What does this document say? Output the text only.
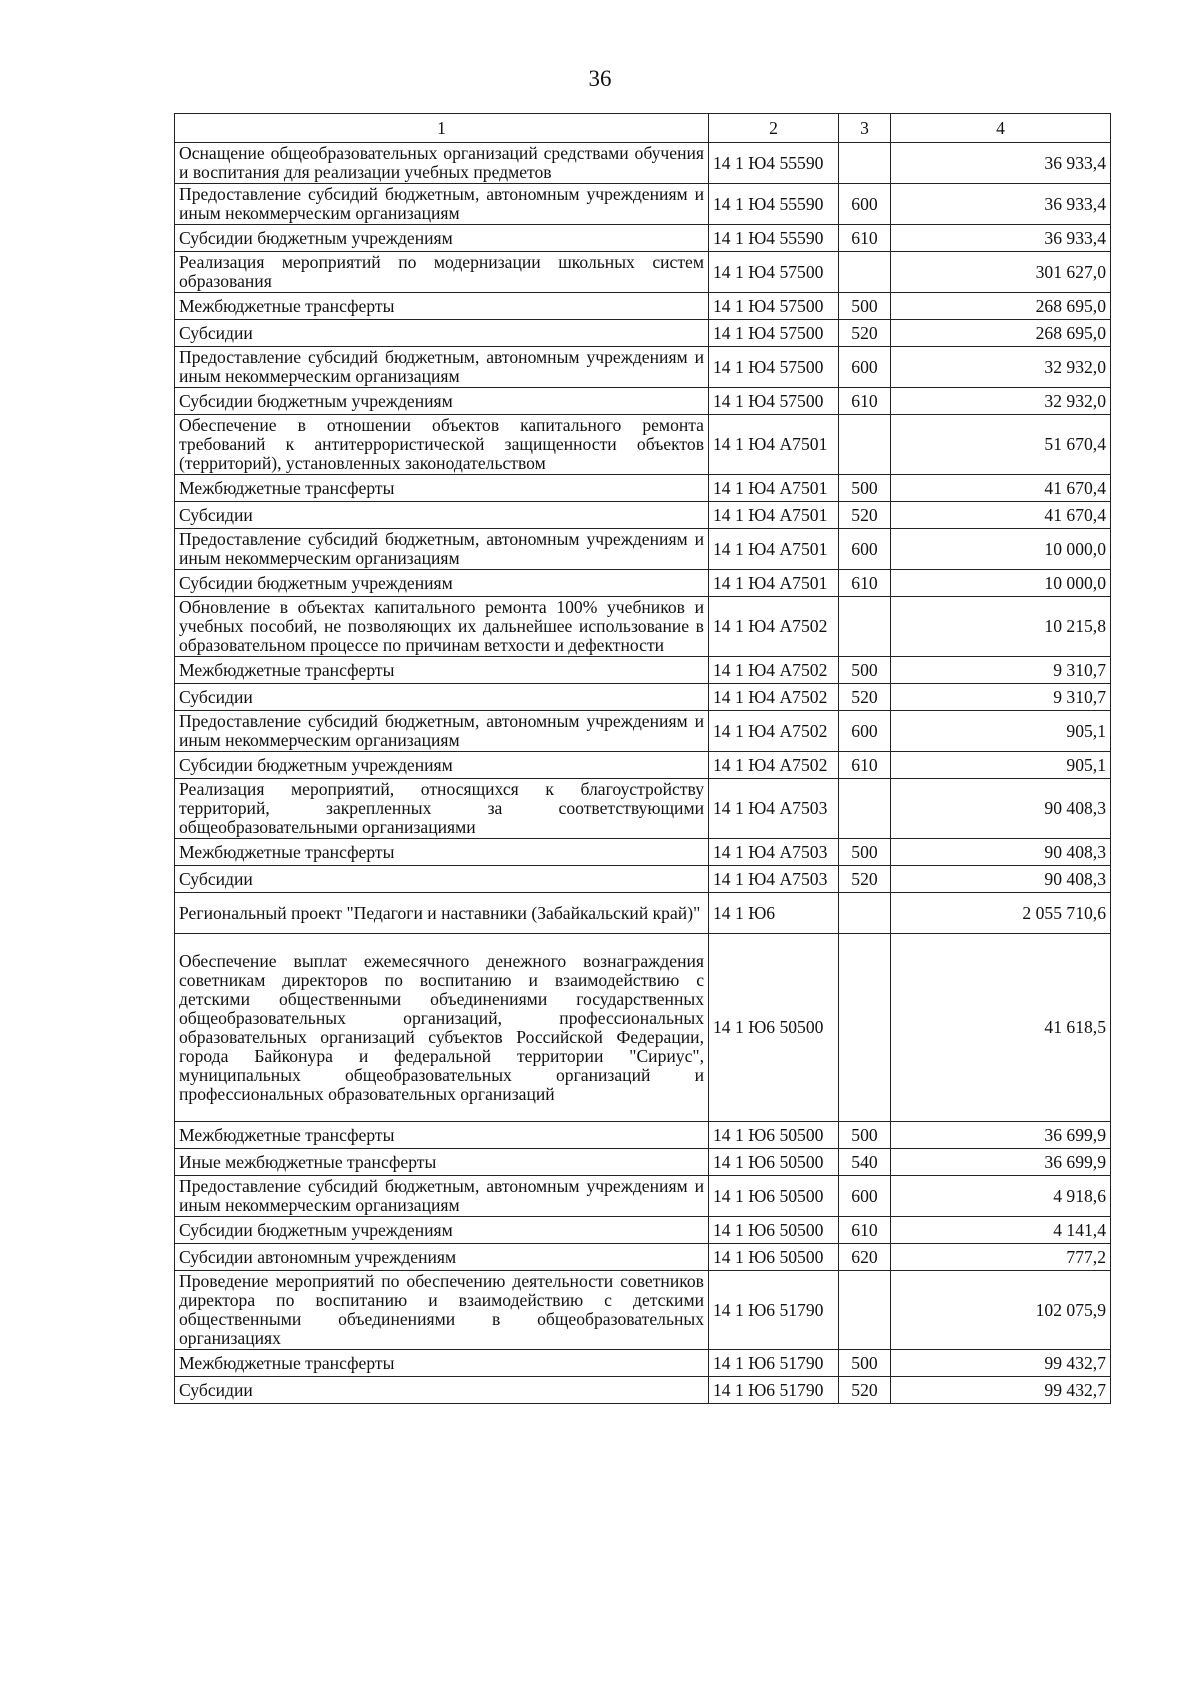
36
1	2	3	4
Оснащение общеобразовательных организаций средствами обучения и воспитания для реализации учебных предметов	14 1 Ю4 55590		36 933,4
Предоставление субсидий бюджетным, автономным учреждениям и иным некоммерческим организациям	14 1 Ю4 55590	600	36 933,4
Субсидии бюджетным учреждениям	14 1 Ю4 55590	610	36 933,4
Реализация мероприятий по модернизации школьных систем образования	14 1 Ю4 57500		301 627,0
Межбюджетные трансферты	14 1 Ю4 57500	500	268 695,0
Субсидии	14 1 Ю4 57500	520	268 695,0
Предоставление субсидий бюджетным, автономным учреждениям и иным некоммерческим организациям	14 1 Ю4 57500	600	32 932,0
Субсидии бюджетным учреждениям	14 1 Ю4 57500	610	32 932,0
Обеспечение в отношении объектов капитального ремонта требований к антитеррористической защищенности объектов (территорий), установленных законодательством	14 1 Ю4 А7501		51 670,4
Межбюджетные трансферты	14 1 Ю4 А7501	500	41 670,4
Субсидии	14 1 Ю4 А7501	520	41 670,4
Предоставление субсидий бюджетным, автономным учреждениям и иным некоммерческим организациям	14 1 Ю4 А7501	600	10 000,0
Субсидии бюджетным учреждениям	14 1 Ю4 А7501	610	10 000,0
Обновление в объектах капитального ремонта 100% учебников и учебных пособий, не позволяющих их дальнейшее использование в образовательном процессе по причинам ветхости и дефектности	14 1 Ю4 А7502		10 215,8
Межбюджетные трансферты	14 1 Ю4 А7502	500	9 310,7
Субсидии	14 1 Ю4 А7502	520	9 310,7
Предоставление субсидий бюджетным, автономным учреждениям и иным некоммерческим организациям	14 1 Ю4 А7502	600	905,1
Субсидии бюджетным учреждениям	14 1 Ю4 А7502	610	905,1
Реализация мероприятий, относящихся к благоустройству территорий, закрепленных за соответствующими общеобразовательными организациями	14 1 Ю4 А7503		90 408,3
Межбюджетные трансферты	14 1 Ю4 А7503	500	90 408,3
Субсидии	14 1 Ю4 А7503	520	90 408,3
Региональный проект "Педагоги и наставники (Забайкальский край)"	14 1 Ю6		2 055 710,6
Обеспечение выплат ежемесячного денежного вознаграждения советникам директоров по воспитанию и взаимодействию с детскими общественными объединениями государственных общеобразовательных организаций, профессиональных образовательных организаций субъектов Российской Федерации, города Байконура и федеральной территории "Сириус", муниципальных общеобразовательных организаций и профессиональных образовательных организаций	14 1 Ю6 50500		41 618,5
Межбюджетные трансферты	14 1 Ю6 50500	500	36 699,9
Иные межбюджетные трансферты	14 1 Ю6 50500	540	36 699,9
Предоставление субсидий бюджетным, автономным учреждениям и иным некоммерческим организациям	14 1 Ю6 50500	600	4 918,6
Субсидии бюджетным учреждениям	14 1 Ю6 50500	610	4 141,4
Субсидии автономным учреждениям	14 1 Ю6 50500	620	777,2
Проведение мероприятий по обеспечению деятельности советников директора по воспитанию и взаимодействию с детскими общественными объединениями в общеобразовательных организациях	14 1 Ю6 51790		102 075,9
Межбюджетные трансферты	14 1 Ю6 51790	500	99 432,7
Субсидии	14 1 Ю6 51790	520	99 432,7
